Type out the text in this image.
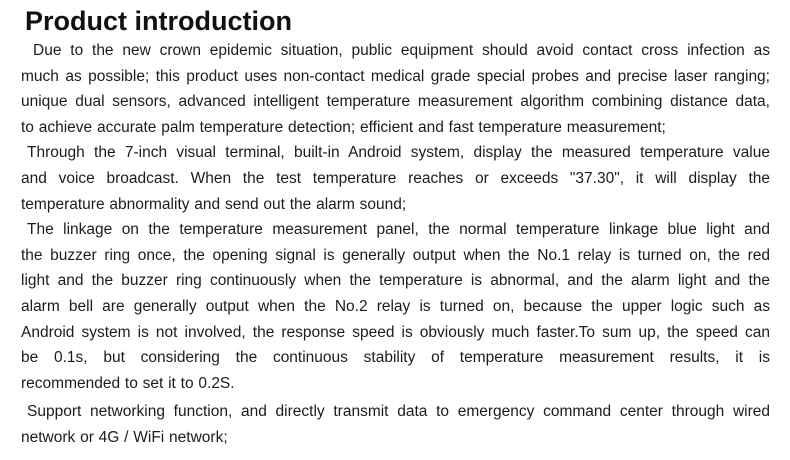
Product introduction
Due to the new crown epidemic situation, public equipment should avoid contact cross infection as
much as possible; this product uses non-contact medical grade special probes and precise laser ranging;
unique dual sensors, advanced intelligent temperature measurement algorithm combining distance data,
to achieve accurate palm temperature detection; efficient and fast temperature measurement;
Through the 7-inch visual terminal, built-in Android system, display the measured temperature value
and voice broadcast. When the test temperature reaches or exceeds "37.30", it will display the
temperature abnormality and send out the alarm sound;
The linkage on the temperature measurement panel, the normal temperature linkage blue light and
the buzzer ring once, the opening signal is generally output when the No.1 relay is turned on, the red
light and the buzzer ring continuously when the temperature is abnormal, and the alarm light and the
alarm bell are generally output when the No.2 relay is turned on, because the upper logic such as
Android system is not involved, the response speed is obviously much faster.To sum up, the speed can
be 0.1s, but considering the continuous stability of temperature measurement results, it is
recommended to set it to 0.2S.
Support networking function, and directly transmit data to emergency command center through wired
network or 4G / WiFi network;
